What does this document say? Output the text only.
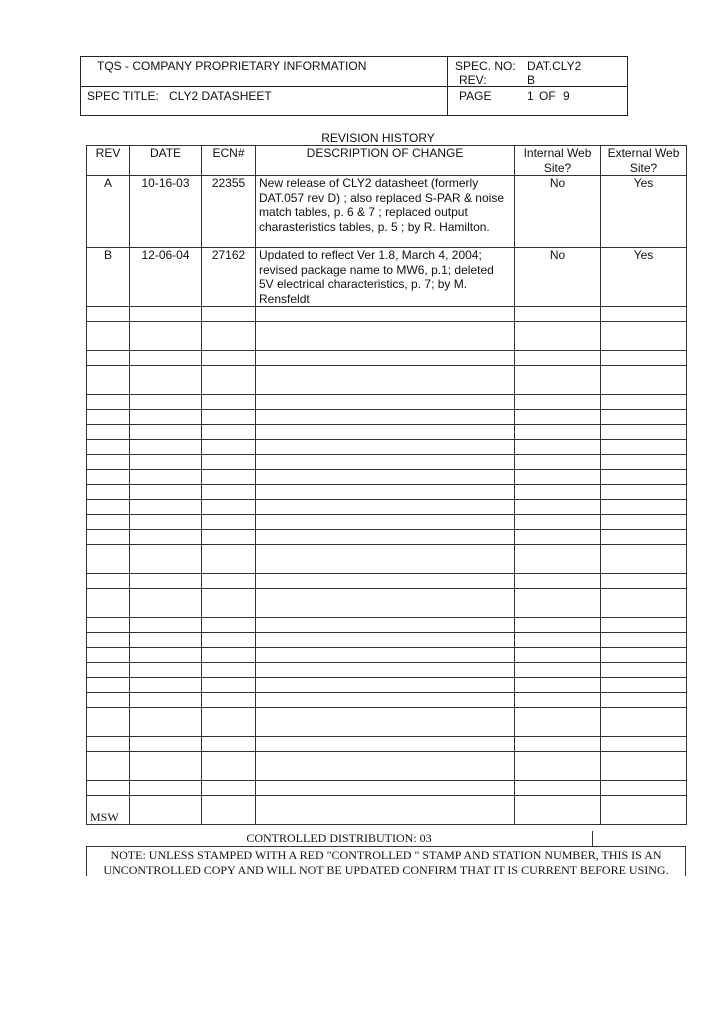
TQS - COMPANY PROPRIETARY INFORMATION	SPEC. NO: DAT.CLY2
REV:	B
SPEC TITLE: CLY2 DATASHEET	PAGE	1 OF 9
REVISION HISTORY
REV	DATE	ECN#	DESCRIPTION OF CHANGE	Internal Web Site?	External Web Site?
A	10-16-03	22355	New release of CLY2 datasheet (formerly DAT.057 rev D) ; also replaced S-PAR & noise match tables, p. 6 & 7 ; replaced output charasteristics tables, p. 5 ; by R. Hamilton.	No	Yes
B	12-06-04	27162	Updated to reflect Ver 1.8, March 4, 2004; revised package name to MW6, p.1; deleted 5V electrical characteristics, p. 7; by M. Rensfeldt	No	Yes

MSW					
CONTROLLED DISTRIBUTION: 03
NOTE: UNLESS STAMPED WITH A RED "CONTROLLED " STAMP AND STATION NUMBER, THIS IS AN UNCONTROLLED COPY AND WILL NOT BE UPDATED CONFIRM THAT IT IS CURRENT BEFORE USING.
